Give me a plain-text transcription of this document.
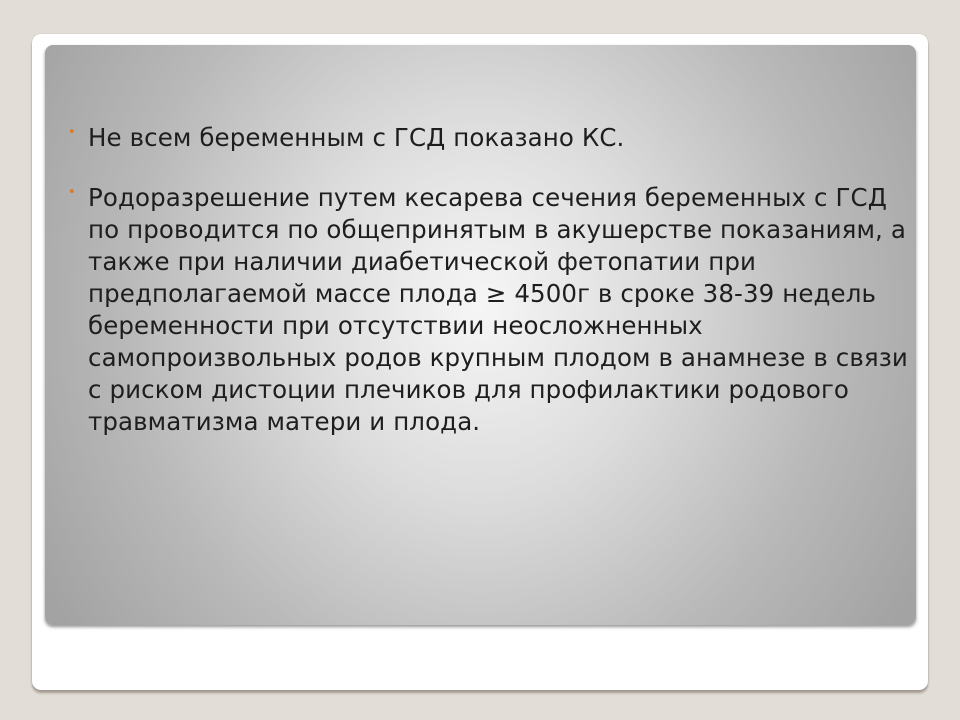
• Не всем беременным с ГСД показано КС.
• Родоразрешение путем кесарева сечения беременных с ГСД по проводится по общепринятым в акушерстве показаниям, а также при наличии диабетической фетопатии при предполагаемой массе плода ≥ 4500г в сроке 38-39 недель беременности при отсутствии неосложненных самопроизвольных родов крупным плодом в анамнезе в связи с риском дистоции плечиков для профилактики родового травматизма матери и плода.
